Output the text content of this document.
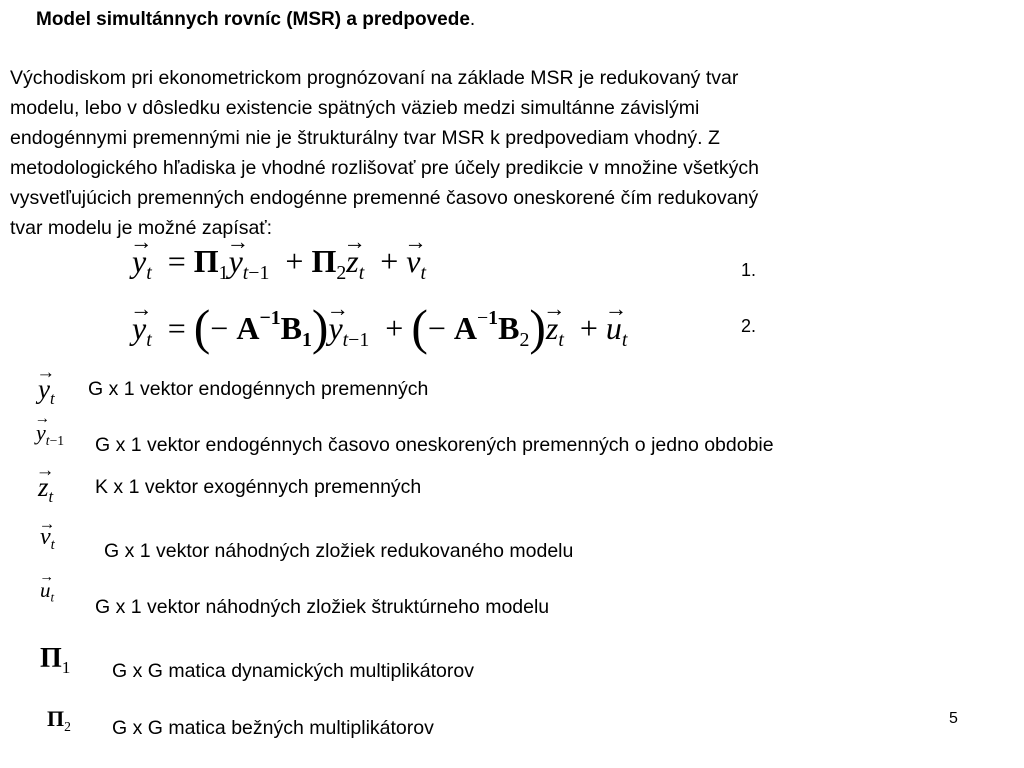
Model simultánnych rovníc (MSR) a predpovede.
Východiskom pri ekonometrickom prognózovaní na základe MSR je redukovaný tvar
modelu, lebo v dôsledku existencie spätných väzieb medzi simultánne závislými
endogénnymi premennými nie je štrukturálny tvar MSR k predpovediam vhodný. Z
metodologického hľadiska je vhodné rozlišovať pre účely predikcie v množine všetkých
vysvetľujúcich premenných endogénne premenné časovo oneskorené čím redukovaný
tvar modelu je možné zapísať:
→ $y_t = \Pi_1\to y_{t-1} + \Pi_2\to z_t$  + → $v_t$	1.
→ $y_t$  = (− $A^{-1}B_1)\to y_{t-1}$  + (− $A^{-1}B_2)\to z_t$  + → $u_t$
2.
→ $y_t$
→ $y_{t-1}$
→ $z_t$
→ $v_t$
→ $u_t$
$\Pi_1$
$\Pi_2$
G x 1 vektor endogénnych premenných
G x 1 vektor endogénnych časovo oneskorených premenných o jedno obdobie
K x 1 vektor exogénnych premenných
G x 1 vektor náhodných zložiek redukovaného modelu
G x 1 vektor náhodných zložiek štruktúrneho modelu
G x G matica dynamických multiplikátorov
G x G matica bežných multiplikátorov	5
